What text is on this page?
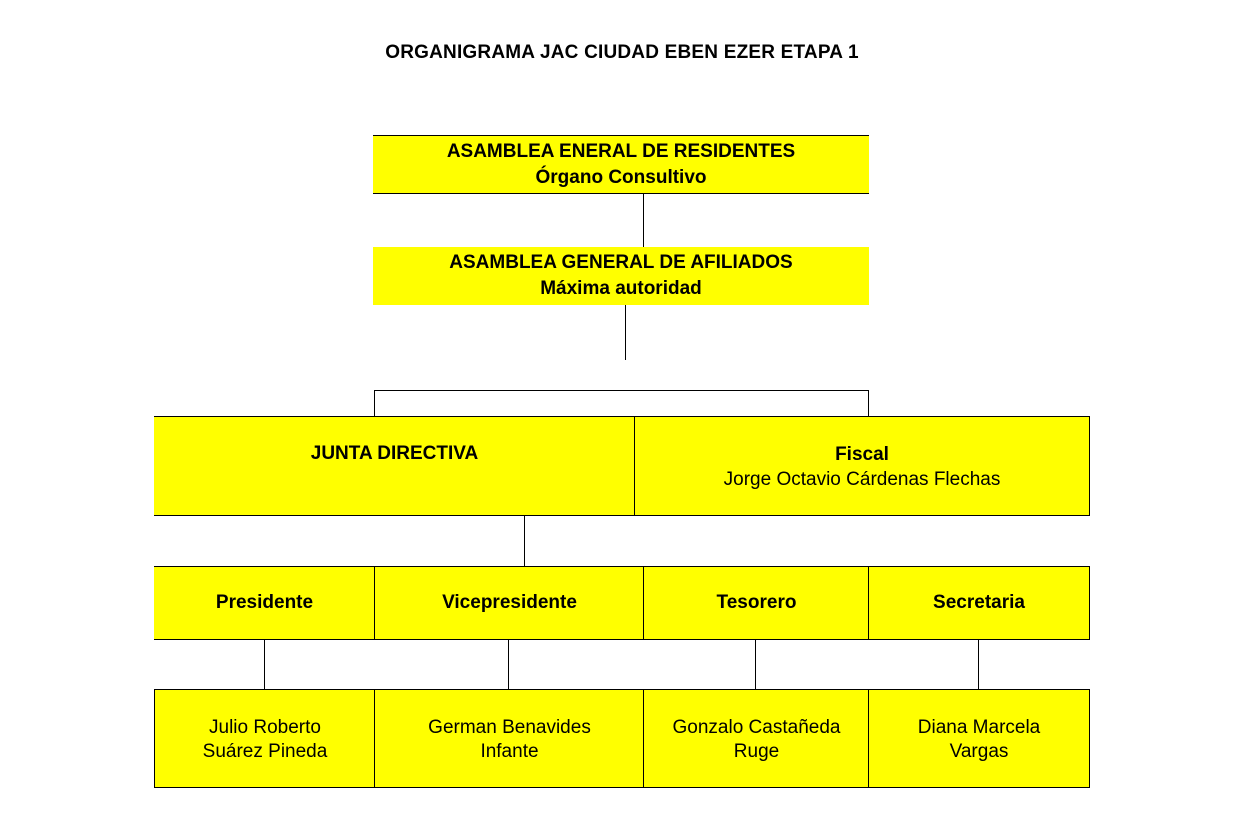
ORGANIGRAMA JAC CIUDAD EBEN EZER ETAPA 1
ASAMBLEA ENERAL DE RESIDENTES
Órgano Consultivo
ASAMBLEA GENERAL DE AFILIADOS
Máxima autoridad
JUNTA DIRECTIVA	Fiscal
Jorge Octavio Cárdenas Flechas
Presidente	Vicepresidente	Tesorero	Secretaria
Julio Roberto
Suárez Pineda
German Benavides
Infante
Gonzalo Castañeda
Ruge
Diana Marcela
Vargas
